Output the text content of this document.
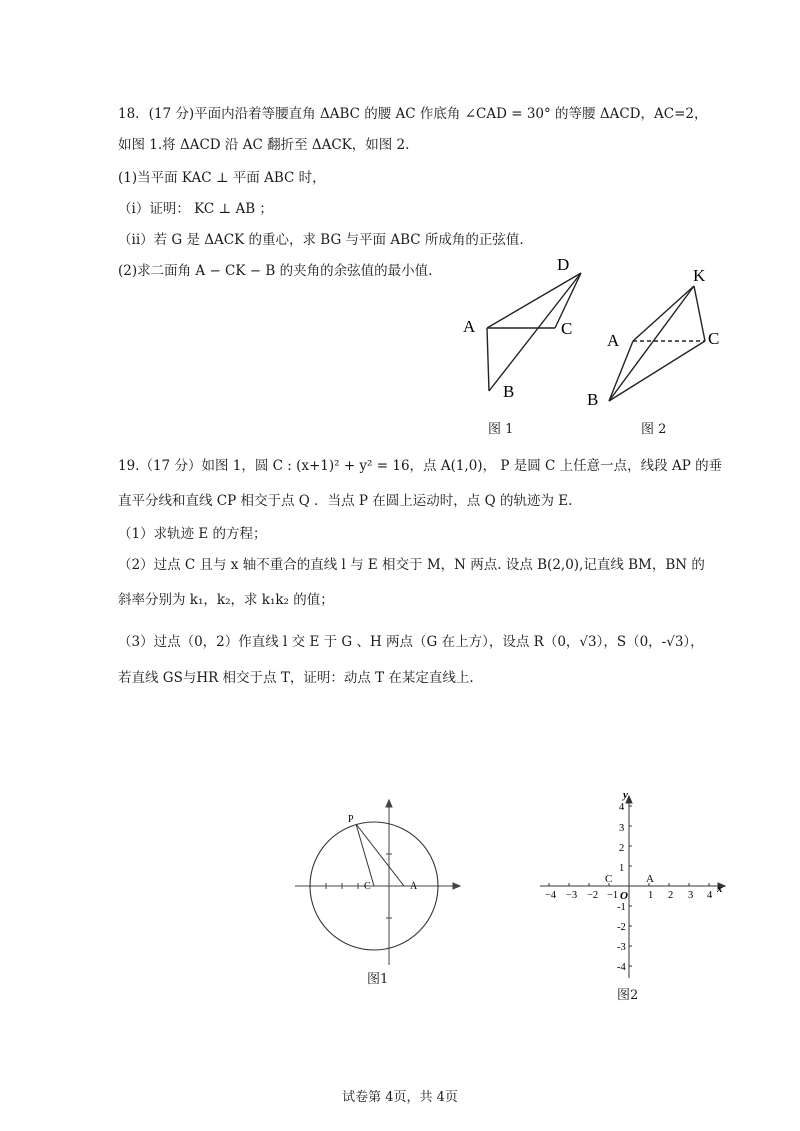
18．(17 分)平面内沿着等腰直角 ΔABC 的腰 AC 作底角 ∠CAD = 30° 的等腰 ΔACD，AC=2，
如图 1.将 ΔACD 沿 AC 翻折至 ΔACK，如图 2.
(1)当平面 KAC ⊥ 平面 ABC 时，
（i）证明： KC ⊥ AB ；
（ii）若 G 是 ΔACK 的重心，求 BG 与平面 ABC 所成角的正弦值.
(2)求二面角 A − CK − B 的夹角的余弦值的最小值.	D
A	C
B
图 1
K
A	C
B
图 2
19.（17 分）如图 1，圆 C : (x+1)² + y² = 16，点 A(1,0)， P 是圆 C 上任意一点，线段 AP 的垂
直平分线和直线 CP 相交于点 Q ．当点 P 在圆上运动时，点 Q 的轨迹为 E.
（1）求轨迹 E 的方程；
（2）过点 C 且与 x 轴不重合的直线 l 与 E 相交于 M，N 两点. 设点 B(2,0),记直线 BM，BN 的
斜率分别为 k₁，k₂，求 k₁k₂ 的值；
（3）过点（0，2）作直线 l 交 E 于 G 、H 两点（G 在上方），设点 R（0，√3），S（0，-√3），
若直线 GS与HR 相交于点 T，证明：动点 T 在某定直线上.
P
C	A
图1
y
x
O
C	A
−4 −3 −2 −1	1 2 3 4
4
3
2
1
-1
-2
-3
-4
图2
试卷第 4页，共 4页
